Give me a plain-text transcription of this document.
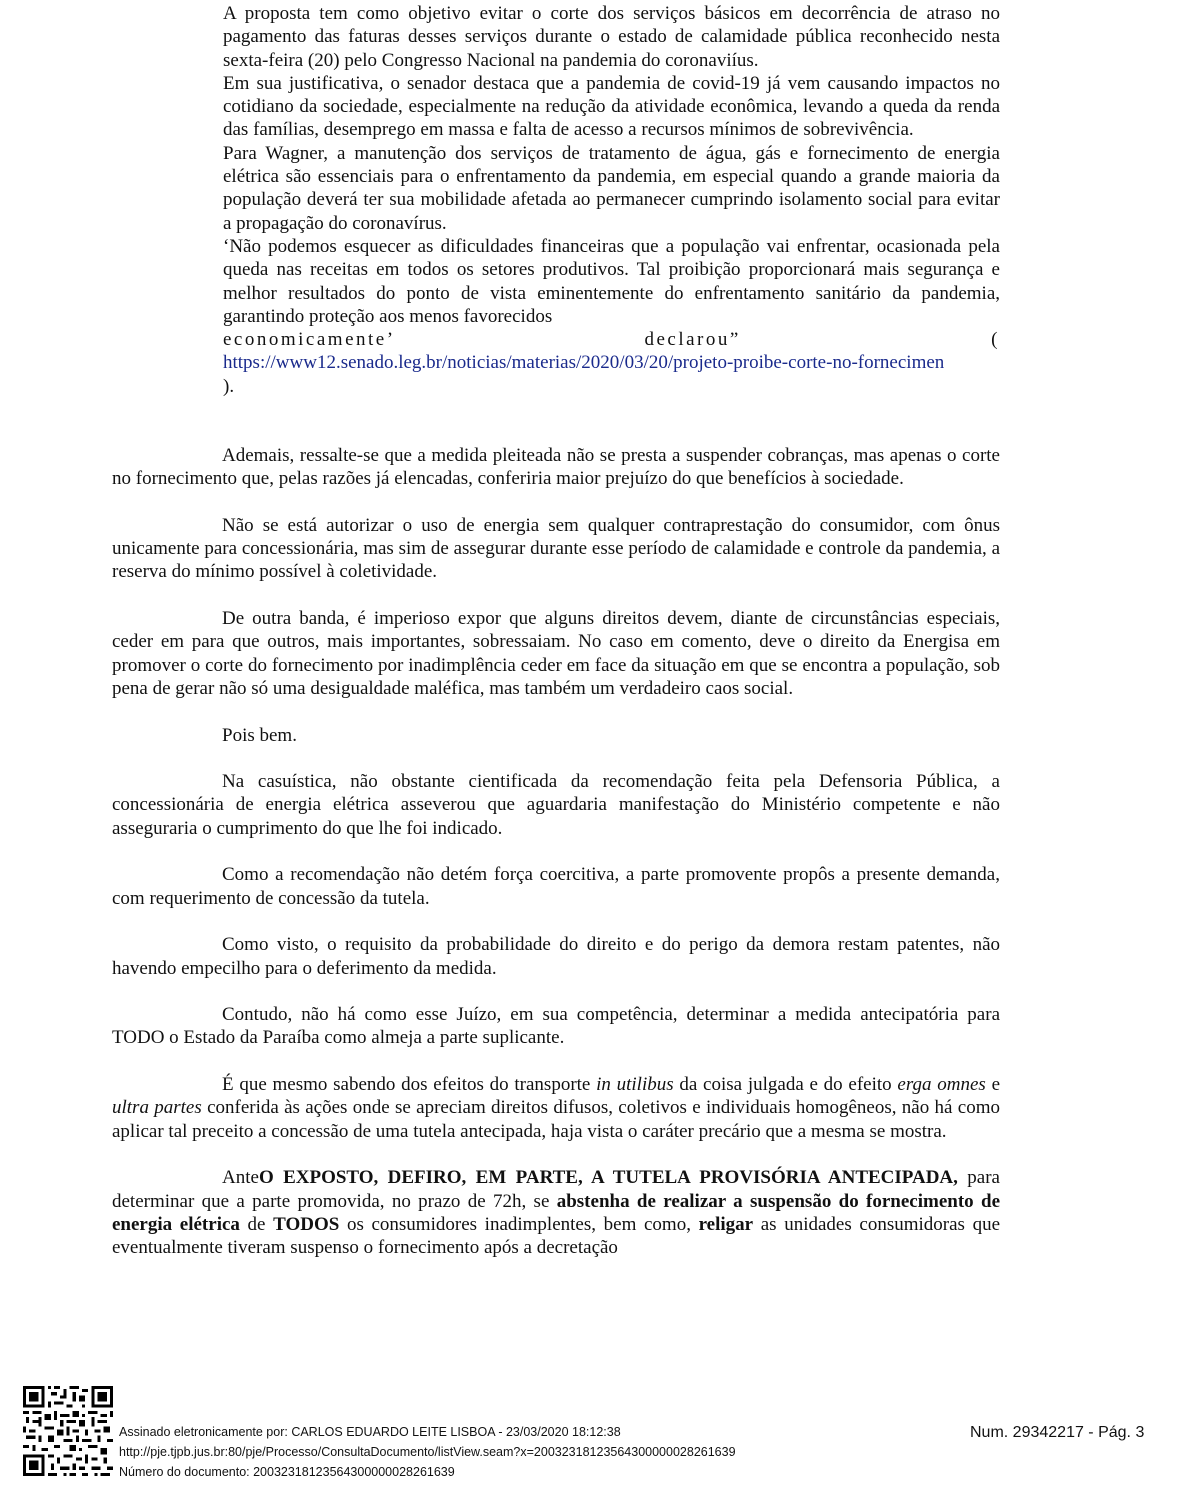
A proposta tem como objetivo evitar o corte dos serviços básicos em decorrência de atraso no pagamento das faturas desses serviços durante o estado de calamidade pública reconhecido nesta sexta-feira (20) pelo Congresso Nacional na pandemia do coronaviíus.

Em sua justificativa, o senador destaca que a pandemia de covid-19 já vem causando impactos no cotidiano da sociedade, especialmente na redução da atividade econômica, levando a queda da renda das famílias, desemprego em massa e falta de acesso a recursos mínimos de sobrevivência.

Para Wagner, a manutenção dos serviços de tratamento de água, gás e fornecimento de energia elétrica são essenciais para o enfrentamento da pandemia, em especial quando a grande maioria da população deverá ter sua mobilidade afetada ao permanecer cumprindo isolamento social para evitar a propagação do coronavírus.

‘Não podemos esquecer as dificuldades financeiras que a população vai enfrentar, ocasionada pela queda nas receitas em todos os setores produtivos. Tal proibição proporcionará mais segurança e melhor resultados do ponto de vista eminentemente do enfrentamento sanitário da pandemia, garantindo proteção aos menos favorecidos

economicamente’ declarou” (

https://www12.senado.leg.br/noticias/materias/2020/03/20/projeto-proibe-corte-no-fornecimen

).

Ademais, ressalte-se que a medida pleiteada não se presta a suspender cobranças, mas apenas o corte no fornecimento que, pelas razões já elencadas, conferiria maior prejuízo do que benefícios à sociedade.

Não se está autorizar o uso de energia sem qualquer contraprestação do consumidor, com ônus unicamente para concessionária, mas sim de assegurar durante esse período de calamidade e controle da pandemia, a reserva do mínimo possível à coletividade.

De outra banda, é imperioso expor que alguns direitos devem, diante de circunstâncias especiais, ceder em para que outros, mais importantes, sobressaiam. No caso em comento, deve o direito da Energisa em promover o corte do fornecimento por inadimplência ceder em face da situação em que se encontra a população, sob pena de gerar não só uma desigualdade maléfica, mas também um verdadeiro caos social.

Pois bem.

Na casuística, não obstante cientificada da recomendação feita pela Defensoria Pública, a concessionária de energia elétrica asseverou que aguardaria manifestação do Ministério competente e não asseguraria o cumprimento do que lhe foi indicado.

Como a recomendação não detém força coercitiva, a parte promovente propôs a presente demanda, com requerimento de concessão da tutela.

Como visto, o requisito da probabilidade do direito e do perigo da demora restam patentes, não havendo empecilho para o deferimento da medida.

Contudo, não há como esse Juízo, em sua competência, determinar a medida antecipatória para TODO o Estado da Paraíba como almeja a parte suplicante.

É que mesmo sabendo dos efeitos do transporte in utilibus da coisa julgada e do efeito erga omnes e ultra partes conferida às ações onde se apreciam direitos difusos, coletivos e individuais homogêneos, não há como aplicar tal preceito a concessão de uma tutela antecipada, haja vista o caráter precário que a mesma se mostra.

AnteO EXPOSTO, DEFIRO, EM PARTE, A TUTELA PROVISÓRIA ANTECIPADA, para determinar que a parte promovida, no prazo de 72h, se abstenha de realizar a suspensão do fornecimento de energia elétrica de TODOS os consumidores inadimplentes, bem como, religar as unidades consumidoras que eventualmente tiveram suspenso o fornecimento após a decretação

Assinado eletronicamente por: CARLOS EDUARDO LEITE LISBOA - 23/03/2020 18:12:38
http://pje.tjpb.jus.br:80/pje/Processo/ConsultaDocumento/listView.seam?x=20032318123564300000028261639
Número do documento: 20032318123564300000028261639
Num. 29342217 - Pág. 3
